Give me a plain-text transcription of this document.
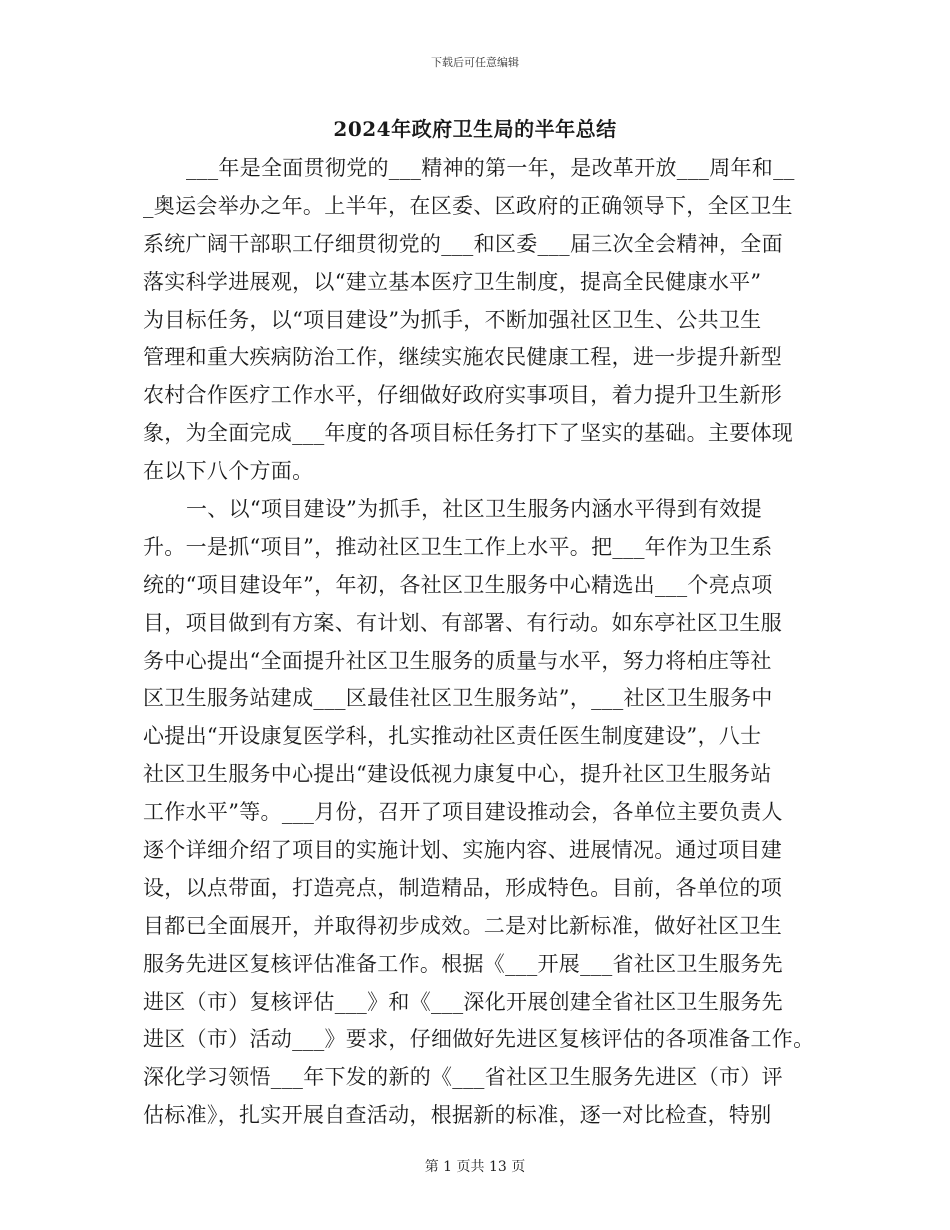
下载后可任意编辑
2024年政府卫生局的半年总结
___年是全面贯彻党的___精神的第一年，是改革开放___周年和__
_奥运会举办之年。上半年，在区委、区政府的正确领导下，全区卫生
系统广阔干部职工仔细贯彻党的___和区委___届三次全会精神，全面
落实科学进展观，以“建立基本医疗卫生制度，提高全民健康水平”
为目标任务，以“项目建设”为抓手，不断加强社区卫生、公共卫生
管理和重大疾病防治工作，继续实施农民健康工程，进一步提升新型
农村合作医疗工作水平，仔细做好政府实事项目，着力提升卫生新形
象，为全面完成___年度的各项目标任务打下了坚实的基础。主要体现
在以下八个方面。
一、以“项目建设”为抓手，社区卫生服务内涵水平得到有效提
升。一是抓“项目”，推动社区卫生工作上水平。把___年作为卫生系
统的“项目建设年”，年初，各社区卫生服务中心精选出___个亮点项
目，项目做到有方案、有计划、有部署、有行动。如东亭社区卫生服
务中心提出“全面提升社区卫生服务的质量与水平，努力将柏庄等社
区卫生服务站建成___区最佳社区卫生服务站”，___社区卫生服务中
心提出“开设康复医学科，扎实推动社区责任医生制度建设”，八士
社区卫生服务中心提出“建设低视力康复中心，提升社区卫生服务站
工作水平”等。___月份，召开了项目建设推动会，各单位主要负责人
逐个详细介绍了项目的实施计划、实施内容、进展情况。通过项目建
设，以点带面，打造亮点，制造精品，形成特色。目前，各单位的项
目都已全面展开，并取得初步成效。二是对比新标准，做好社区卫生
服务先进区复核评估准备工作。根据《___开展___省社区卫生服务先
进区（市）复核评估___》和《___深化开展创建全省社区卫生服务先
进区（市）活动___》要求，仔细做好先进区复核评估的各项准备工作。
深化学习领悟___年下发的新的《___省社区卫生服务先进区（市）评
估标准》，扎实开展自查活动，根据新的标准，逐一对比检查，特别
第 1 页共 13 页
